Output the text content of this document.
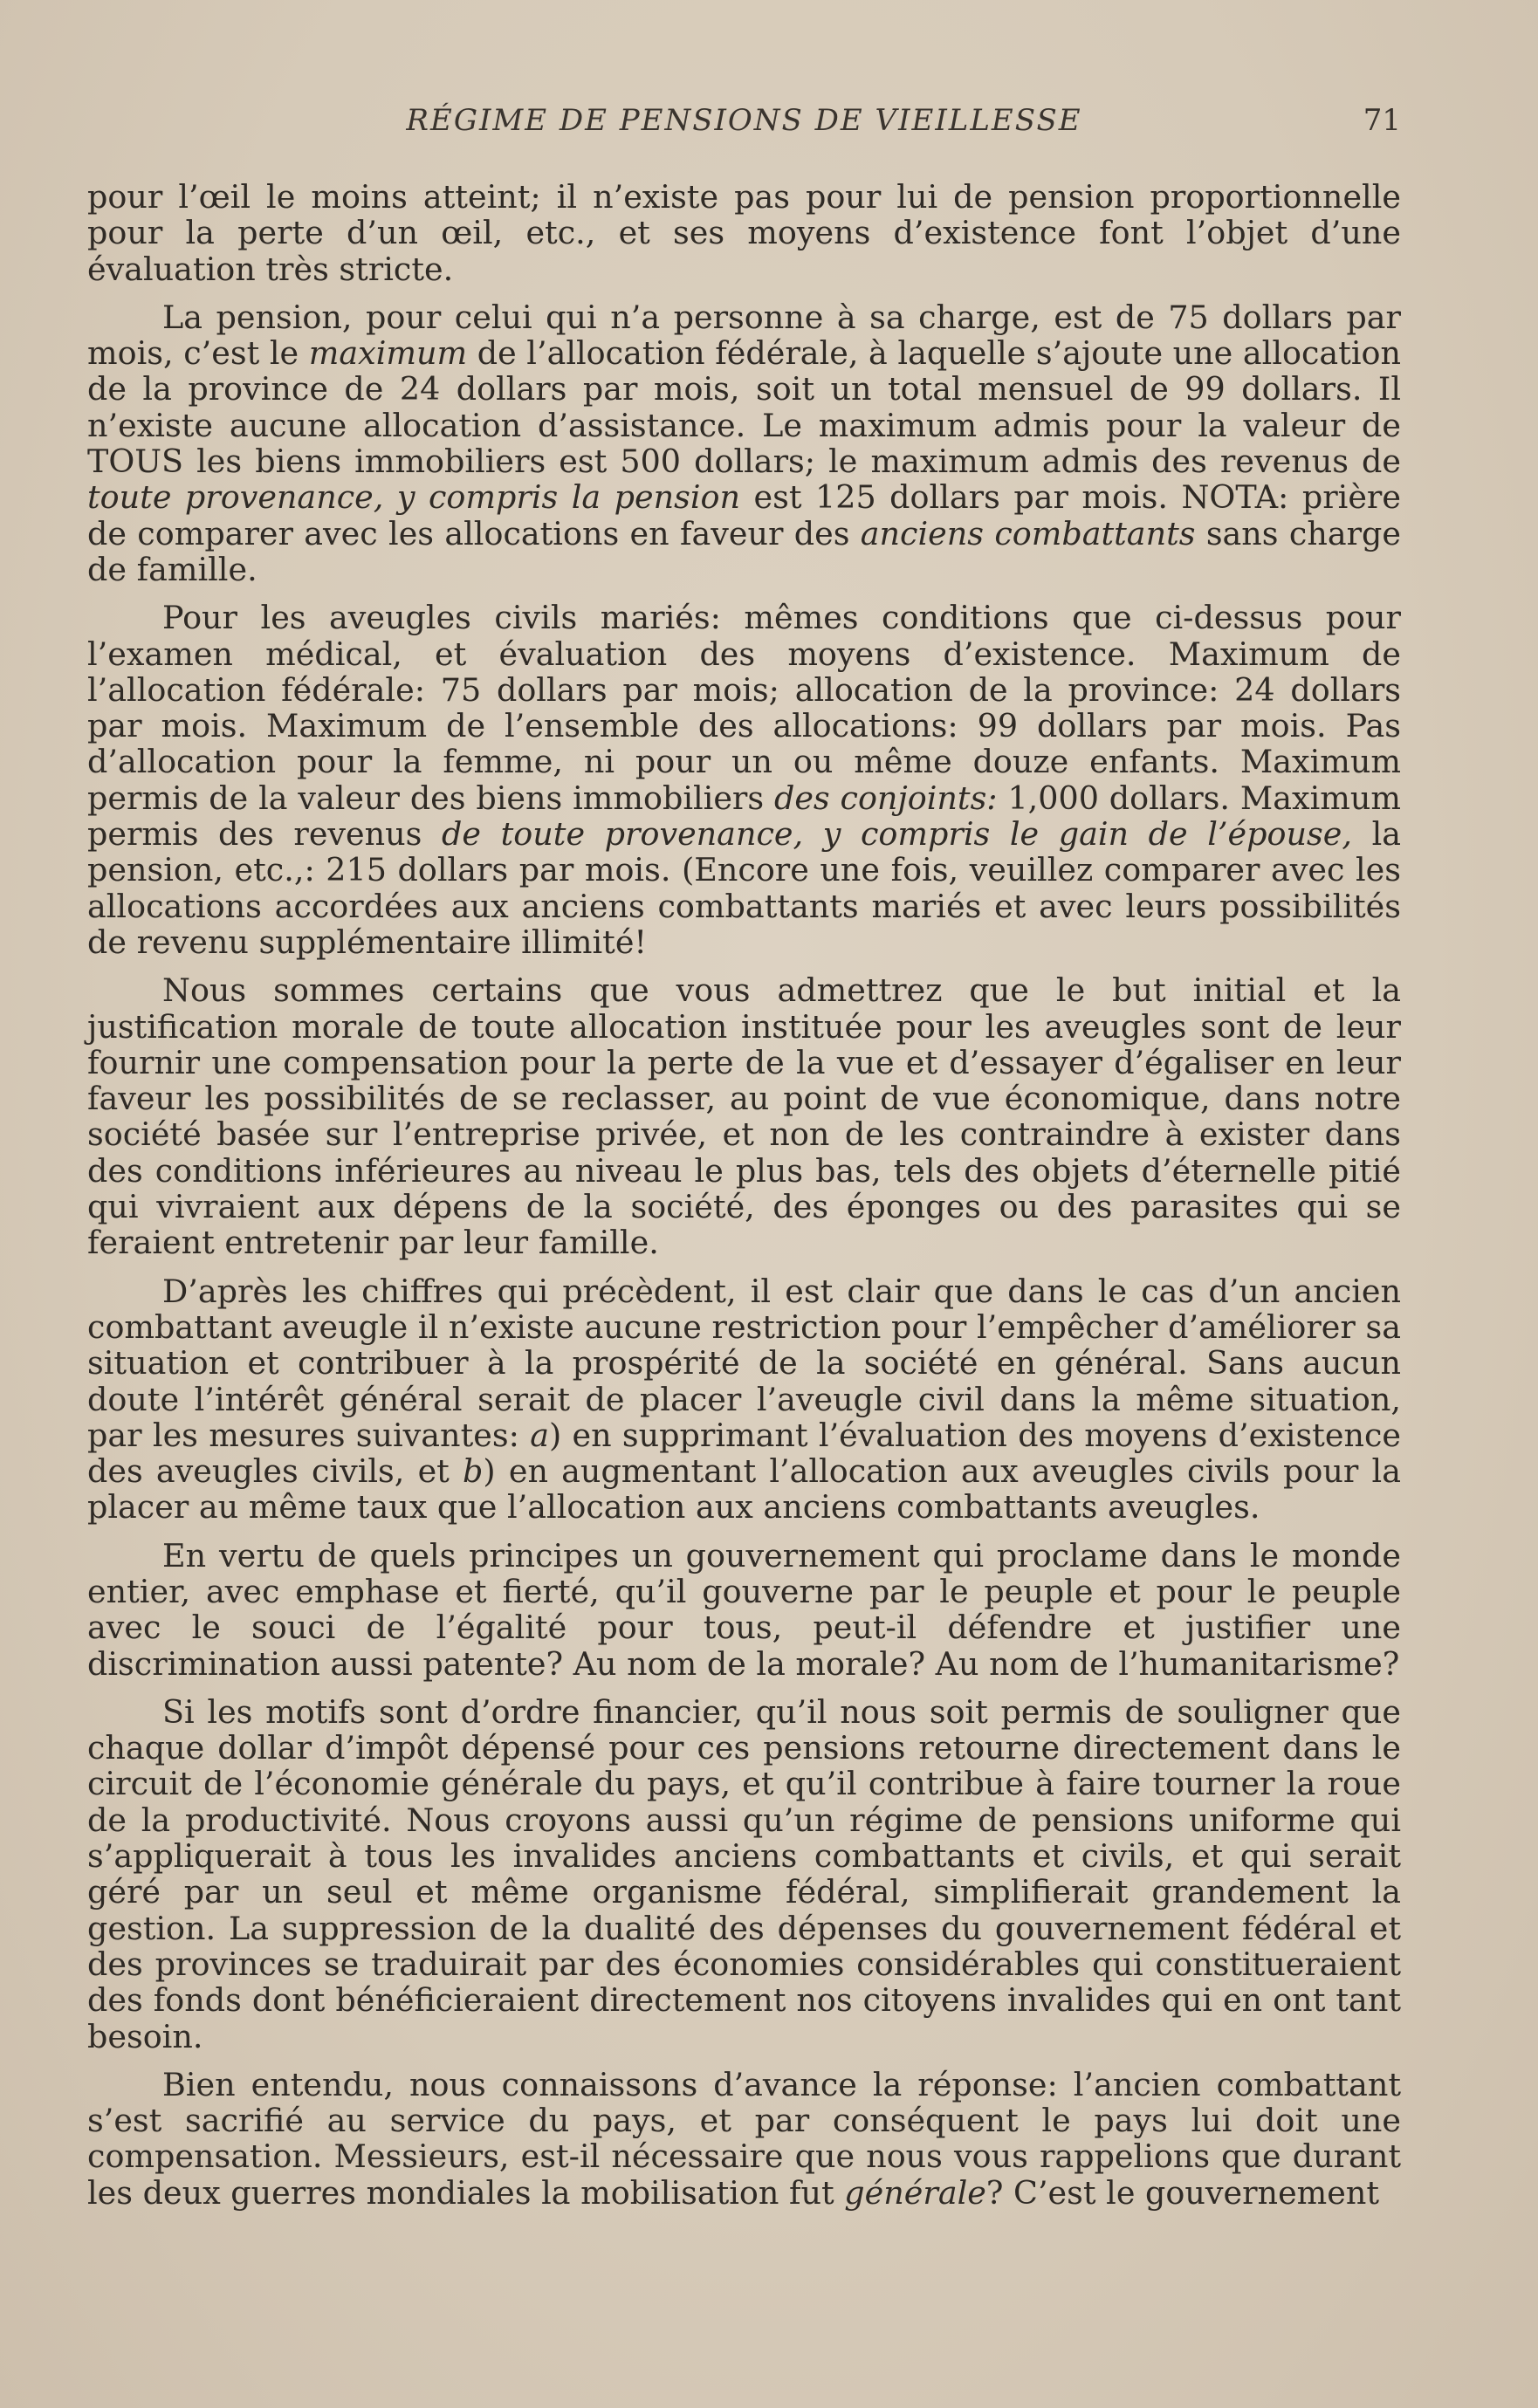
RÉGIME DE PENSIONS DE VIEILLESSE	71

pour l’œil le moins atteint; il n’existe pas pour lui de pension proportionnelle pour la perte d’un œil, etc., et ses moyens d’existence font l’objet d’une évaluation très stricte.

La pension, pour celui qui n’a personne à sa charge, est de 75 dollars par mois, c’est le maximum de l’allocation fédérale, à laquelle s’ajoute une allocation de la province de 24 dollars par mois, soit un total mensuel de 99 dollars. Il n’existe aucune allocation d’assistance. Le maximum admis pour la valeur de TOUS les biens immobiliers est 500 dollars; le maximum admis des revenus de toute provenance, y compris la pension est 125 dollars par mois. NOTA: prière de comparer avec les allocations en faveur des anciens combattants sans charge de famille.

Pour les aveugles civils mariés: mêmes conditions que ci-dessus pour l’examen médical, et évaluation des moyens d’existence. Maximum de l’allocation fédérale: 75 dollars par mois; allocation de la province: 24 dollars par mois. Maximum de l’ensemble des allocations: 99 dollars par mois. Pas d’allocation pour la femme, ni pour un ou même douze enfants. Maximum permis de la valeur des biens immobiliers des conjoints: 1,000 dollars. Maximum permis des revenus de toute provenance, y compris le gain de l’épouse, la pension, etc.,: 215 dollars par mois. (Encore une fois, veuillez comparer avec les allocations accordées aux anciens combattants mariés et avec leurs possibilités de revenu supplémentaire illimité!

Nous sommes certains que vous admettrez que le but initial et la justification morale de toute allocation instituée pour les aveugles sont de leur fournir une compensation pour la perte de la vue et d’essayer d’égaliser en leur faveur les possibilités de se reclasser, au point de vue économique, dans notre société basée sur l’entreprise privée, et non de les contraindre à exister dans des conditions inférieures au niveau le plus bas, tels des objets d’éternelle pitié qui vivraient aux dépens de la société, des éponges ou des parasites qui se feraient entretenir par leur famille.

D’après les chiffres qui précèdent, il est clair que dans le cas d’un ancien combattant aveugle il n’existe aucune restriction pour l’empêcher d’améliorer sa situation et contribuer à la prospérité de la société en général. Sans aucun doute l’intérêt général serait de placer l’aveugle civil dans la même situation, par les mesures suivantes: a) en supprimant l’évaluation des moyens d’existence des aveugles civils, et b) en augmentant l’allocation aux aveugles civils pour la placer au même taux que l’allocation aux anciens combattants aveugles.

En vertu de quels principes un gouvernement qui proclame dans le monde entier, avec emphase et fierté, qu’il gouverne par le peuple et pour le peuple avec le souci de l’égalité pour tous, peut-il défendre et justifier une discrimination aussi patente? Au nom de la morale? Au nom de l’humanitarisme?

Si les motifs sont d’ordre financier, qu’il nous soit permis de souligner que chaque dollar d’impôt dépensé pour ces pensions retourne directement dans le circuit de l’économie générale du pays, et qu’il contribue à faire tourner la roue de la productivité. Nous croyons aussi qu’un régime de pensions uniforme qui s’appliquerait à tous les invalides anciens combattants et civils, et qui serait géré par un seul et même organisme fédéral, simplifierait grandement la gestion. La suppression de la dualité des dépenses du gouvernement fédéral et des provinces se traduirait par des économies considérables qui constitueraient des fonds dont bénéficieraient directement nos citoyens invalides qui en ont tant besoin.

Bien entendu, nous connaissons d’avance la réponse: l’ancien combattant s’est sacrifié au service du pays, et par conséquent le pays lui doit une compensation. Messieurs, est-il nécessaire que nous vous rappelions que durant les deux guerres mondiales la mobilisation fut générale? C’est le gouvernement
